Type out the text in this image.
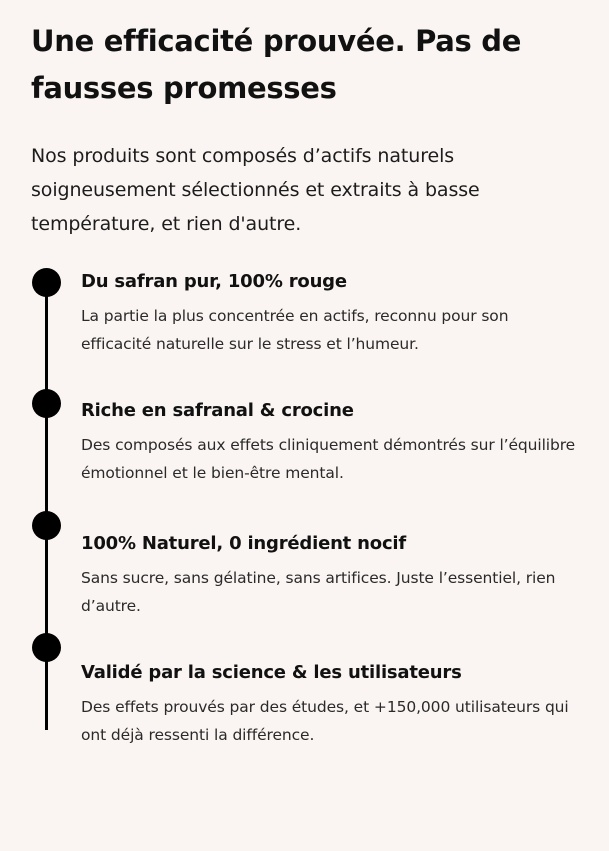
Une efficacité prouvée. Pas de fausses promesses

Nos produits sont composés d’actifs naturels soigneusement sélectionnés et extraits à basse température, et rien d'autre.

Du safran pur, 100% rouge

La partie la plus concentrée en actifs, reconnu pour son efficacité naturelle sur le stress et l’humeur.

Riche en safranal & crocine

Des composés aux effets cliniquement démontrés sur l’équilibre émotionnel et le bien-être mental.

100% Naturel, 0 ingrédient nocif

Sans sucre, sans gélatine, sans artifices. Juste l’essentiel, rien d’autre.

Validé par la science & les utilisateurs

Des effets prouvés par des études, et +150,000 utilisateurs qui ont déjà ressenti la différence.
